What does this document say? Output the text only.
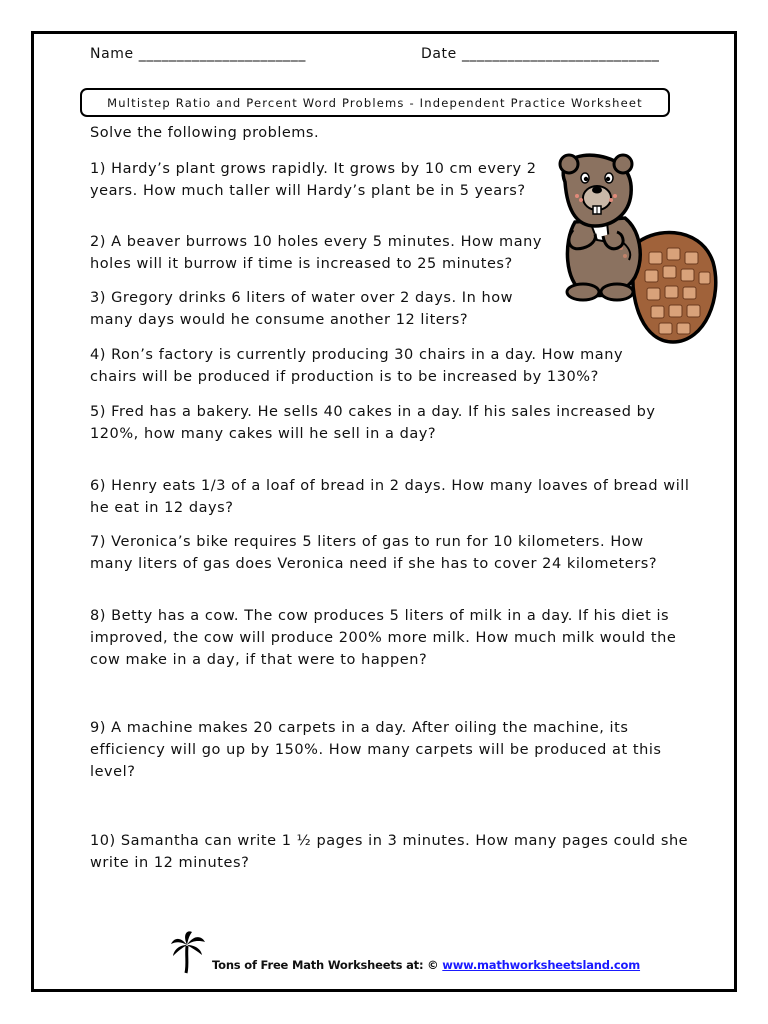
Name ______________________	Date __________________________
Multistep Ratio and Percent Word Problems - Independent Practice Worksheet
Solve the following problems.
1) Hardy’s plant grows rapidly. It grows by 10 cm every 2
years. How much taller will Hardy’s plant be in 5 years?
2) A beaver burrows 10 holes every 5 minutes. How many
holes will it burrow if time is increased to 25 minutes?
3) Gregory drinks 6 liters of water over 2 days. In how
many days would he consume another 12 liters?
4) Ron’s factory is currently producing 30 chairs in a day. How many
chairs will be produced if production is to be increased by 130%?
5) Fred has a bakery. He sells 40 cakes in a day. If his sales increased by
120%, how many cakes will he sell in a day?
6) Henry eats 1/3 of a loaf of bread in 2 days. How many loaves of bread will
he eat in 12 days?
7) Veronica’s bike requires 5 liters of gas to run for 10 kilometers. How
many liters of gas does Veronica need if she has to cover 24 kilometers?
8) Betty has a cow. The cow produces 5 liters of milk in a day. If his diet is
improved, the cow will produce 200% more milk. How much milk would the
cow make in a day, if that were to happen?
9) A machine makes 20 carpets in a day. After oiling the machine, its
efficiency will go up by 150%. How many carpets will be produced at this
level?
10) Samantha can write 1 ½ pages in 3 minutes. How many pages could she
write in 12 minutes?
Tons of Free Math Worksheets at: © www.mathworksheetsland.com
